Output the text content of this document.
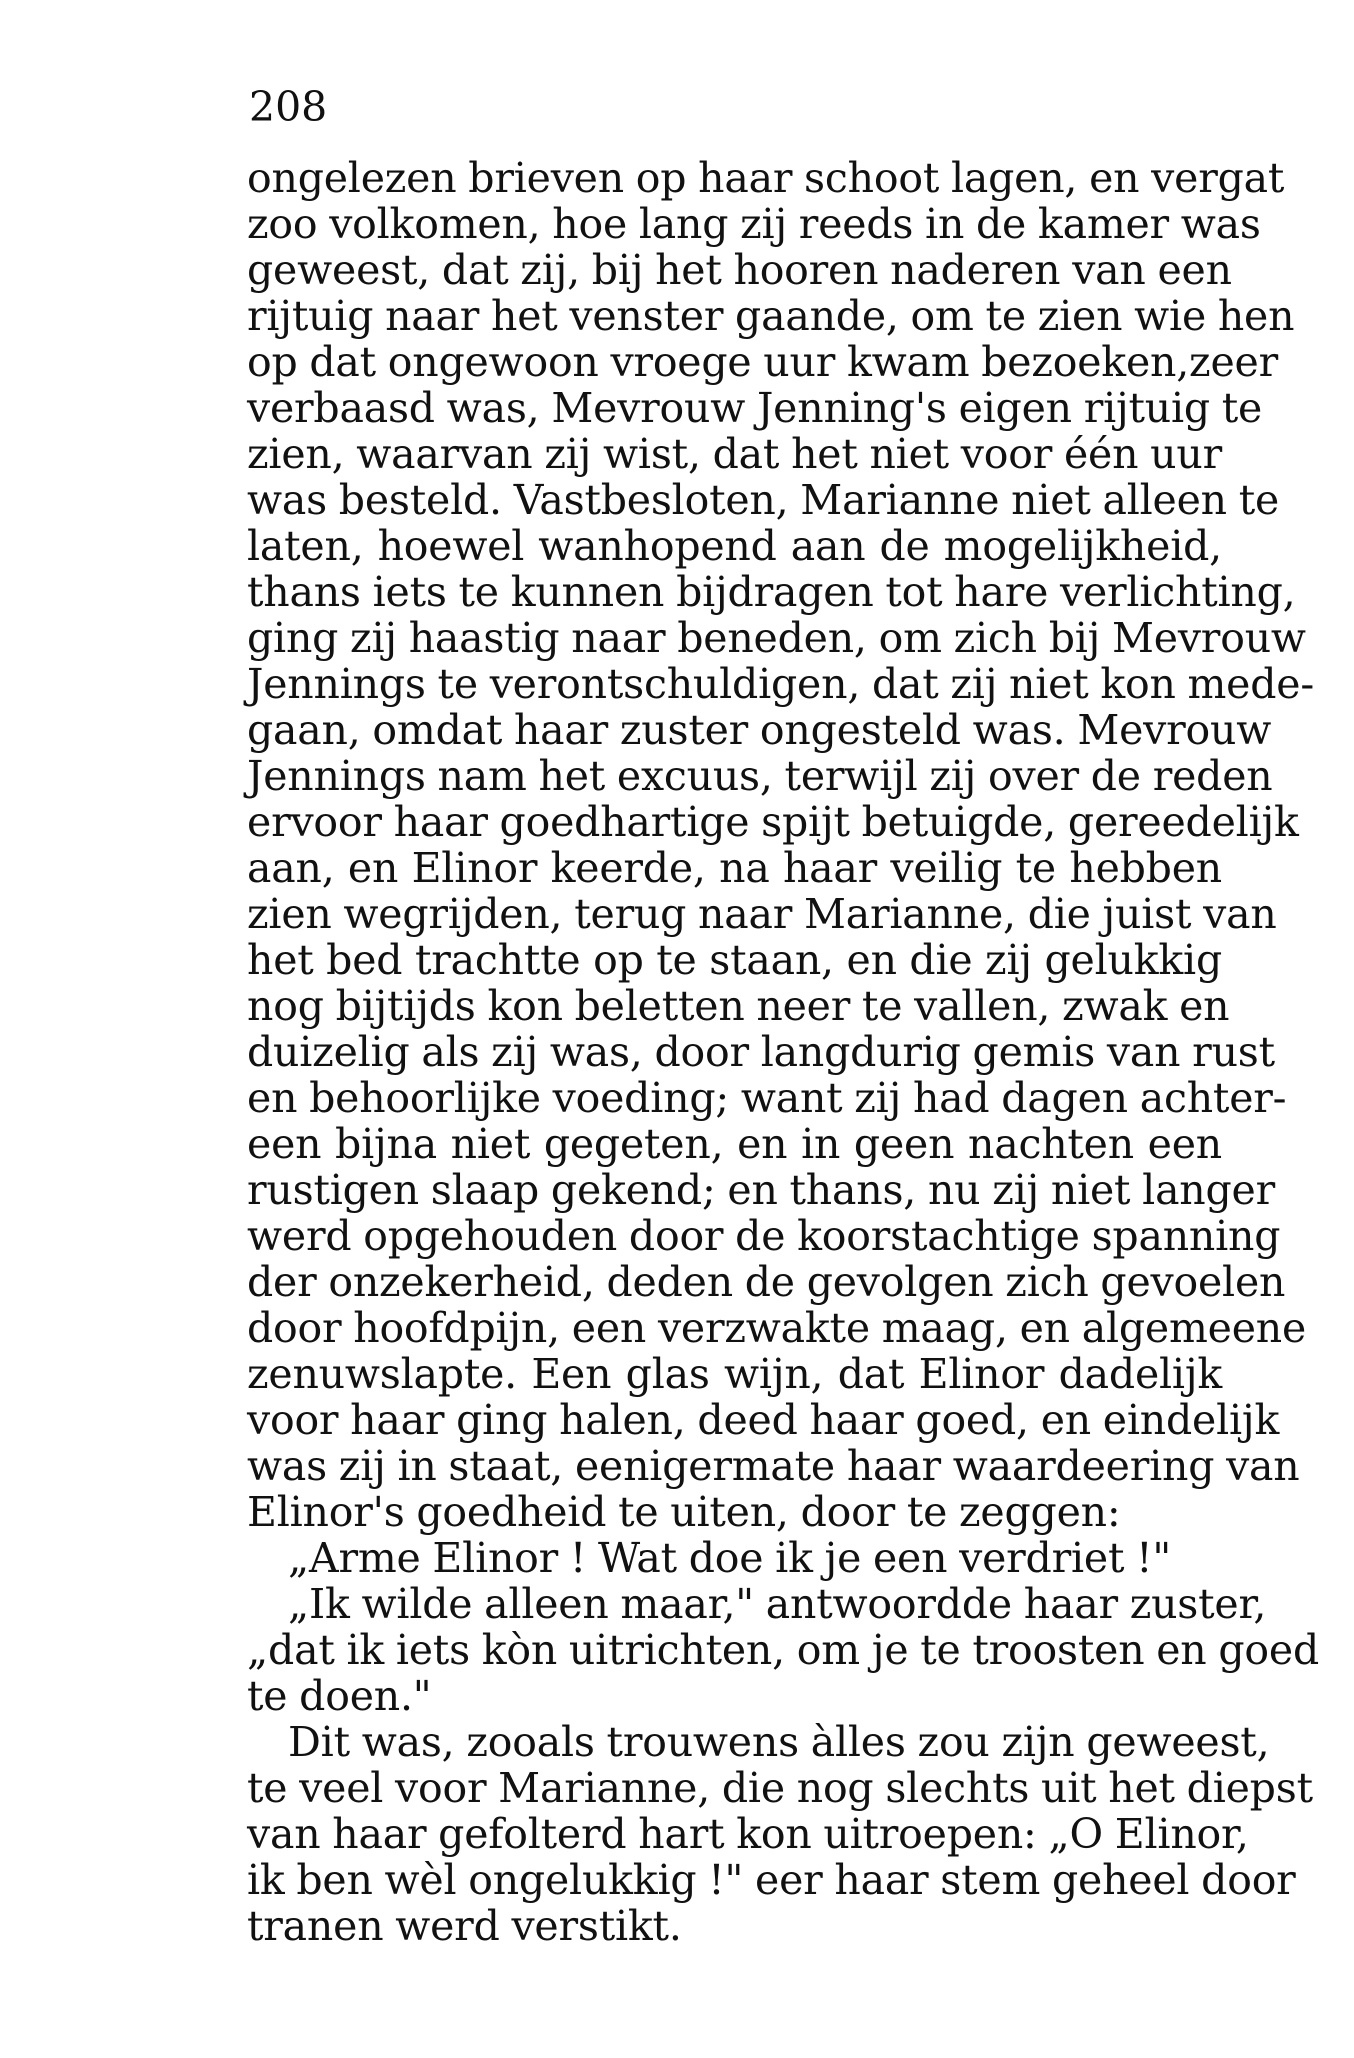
208
ongelezen brieven op haar schoot lagen, en vergat
zoo volkomen, hoe lang zij reeds in de kamer was
geweest, dat zij, bij het hooren naderen van een
rijtuig naar het venster gaande, om te zien wie hen
op dat ongewoon vroege uur kwam bezoeken,zeer
verbaasd was, Mevrouw Jenning's eigen rijtuig te
zien, waarvan zij wist, dat het niet voor één uur
was besteld. Vastbesloten, Marianne niet alleen te
laten, hoewel wanhopend aan de mogelijkheid,
thans iets te kunnen bijdragen tot hare verlichting,
ging zij haastig naar beneden, om zich bij Mevrouw
Jennings te verontschuldigen, dat zij niet kon mede-
gaan, omdat haar zuster ongesteld was. Mevrouw
Jennings nam het excuus, terwijl zij over de reden
ervoor haar goedhartige spijt betuigde, gereedelijk
aan, en Elinor keerde, na haar veilig te hebben
zien wegrijden, terug naar Marianne, die juist van
het bed trachtte op te staan, en die zij gelukkig
nog bijtijds kon beletten neer te vallen, zwak en
duizelig als zij was, door langdurig gemis van rust
en behoorlijke voeding; want zij had dagen achter-
een bijna niet gegeten, en in geen nachten een
rustigen slaap gekend; en thans, nu zij niet langer
werd opgehouden door de koorstachtige spanning
der onzekerheid, deden de gevolgen zich gevoelen
door hoofdpijn, een verzwakte maag, en algemeene
zenuwslapte. Een glas wijn, dat Elinor dadelijk
voor haar ging halen, deed haar goed, en eindelijk
was zij in staat, eenigermate haar waardeering van
Elinor's goedheid te uiten, door te zeggen:
„Arme Elinor ! Wat doe ik je een verdriet !"
„Ik wilde alleen maar," antwoordde haar zuster,
„dat ik iets kòn uitrichten, om je te troosten en goed
te doen."
Dit was, zooals trouwens àlles zou zijn geweest,
te veel voor Marianne, die nog slechts uit het diepst
van haar gefolterd hart kon uitroepen: „O Elinor,
ik ben wèl ongelukkig !" eer haar stem geheel door
tranen werd verstikt.
